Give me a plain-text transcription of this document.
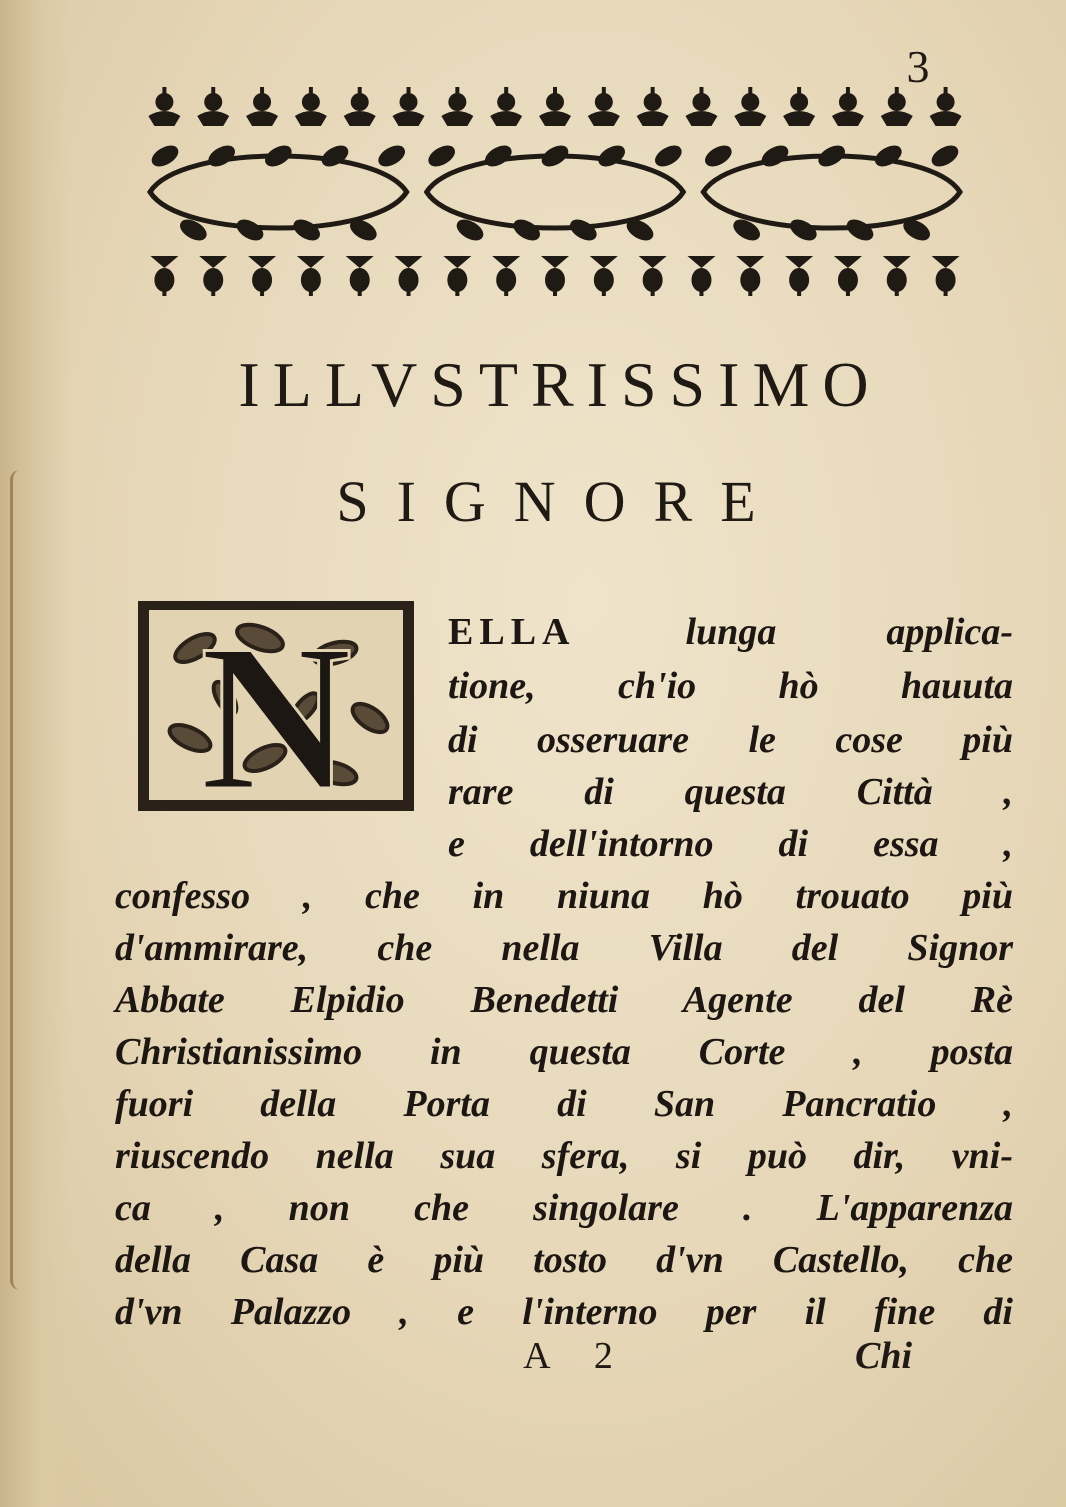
3
ILLVSTRISSIMO
SIGNORE
N	ELLA	lunga applica-
tione, ch'io hò hauuta
di osseruare le cose più
rare di questa Città ,
e dell'intorno di essa ,
confesso , che in niuna hò trouato più
d'ammirare, che nella Villa del Signor
Abbate Elpidio Benedetti Agente del Rè
Christianissimo in questa Corte , posta
fuori della Porta di San Pancratio ,
riuscendo nella sua sfera, si può dir, vni-
ca , non che singolare . L'apparenza
della Casa è più tosto d'vn Castello, che
d'vn Palazzo , e l'interno per il fine di
A 2	Chi
